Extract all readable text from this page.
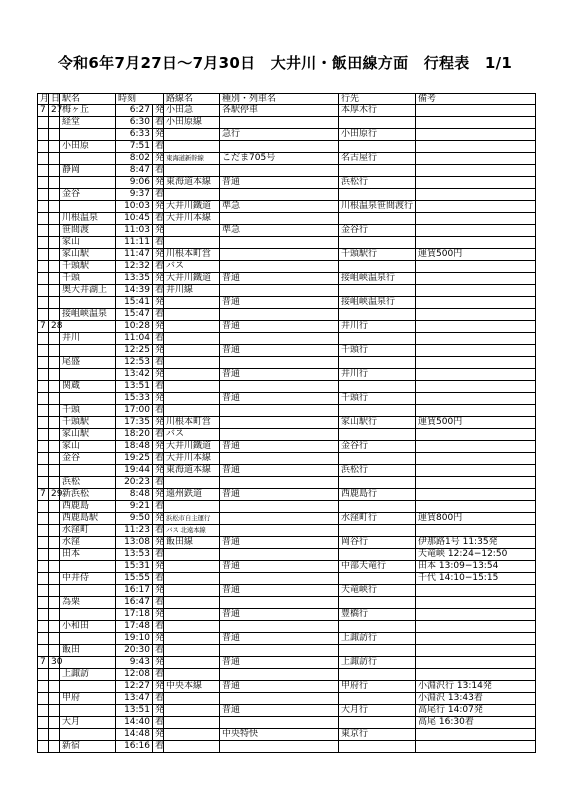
令和6年7月27日～7月30日　大井川・飯田線方面　行程表　1/1
月	日	駅名	時刻		路線名	種別・列車名	行先	備考
7	27	梅ヶ丘	6:27	発	小田急	各駅停車	本厚木行	
		経堂	6:30	着	小田原線			
			6:33	発		急行	小田原行	
		小田原	7:51	着				
			8:02	発	東海道新幹線	こだま705号	名古屋行	
		静岡	8:47	着				
			9:06	発	東海道本線	普通	浜松行	
		金谷	9:37	着				
			10:03	発	大井川鐵道	準急	川根温泉笹間渡行	
		川根温泉	10:45	着	大井川本線			
		笹間渡	11:03	発		準急	金谷行	
		家山	11:11	着				
		家山駅	11:47	発	川根本町営		千頭駅行	運賃500円
		千頭駅	12:32	着	バス			
		千頭	13:35	発	大井川鐵道	普通	接岨峡温泉行	
		奥大井湖上	14:39	着	井川線			
			15:41	発		普通	接岨峡温泉行	
		接岨峡温泉	15:47	着				
7	28		10:28	発		普通	井川行	
		井川	11:04	着				
			12:25	発		普通	千頭行	
		尾盛	12:53	着				
			13:42	発		普通	井川行	
		関蔵	13:51	着				
			15:33	発		普通	千頭行	
		千頭	17:00	着				
		千頭駅	17:35	発	川根本町営		家山駅行	運賃500円
		家山駅	18:20	着	バス			
		家山	18:48	発	大井川鐵道	普通	金谷行	
		金谷	19:25	着	大井川本線			
			19:44	発	東海道本線	普通	浜松行	
		浜松	20:23	着				
7	29	新浜松	8:48	発	遠州鉄道	普通	西鹿島行	
		西鹿島	9:21	着				
		西鹿島駅	9:50	発	浜松市自主運行		水窪町行	運賃800円
		水窪町	11:23	着	バス 北遠本線			
		水窪	13:08	発	飯田線	普通	岡谷行	伊那路1号 11:35発
		田本	13:53	着				天竜峡 12:24−12:50
			15:31	発		普通	中部天竜行	田本 13:09−13:54
		中井侍	15:55	着				千代 14:10−15:15
			16:17	発		普通	天竜峡行	
		為栗	16:47	着				
			17:18	発		普通	豊橋行	
		小和田	17:48	着				
			19:10	発		普通	上諏訪行	
		飯田	20:30	着				
7	30		9:43	発		普通	上諏訪行	
		上諏訪	12:08	着				
			12:27	発	中央本線	普通	甲府行	小淵沢行 13:14発
		甲府	13:47	着				小淵沢 13:43着
			13:51	発		普通	大月行	高尾行 14:07発
		大月	14:40	着				高尾 16:30着
			14:48	発		中央特快	東京行	
		新宿	16:16	着				
